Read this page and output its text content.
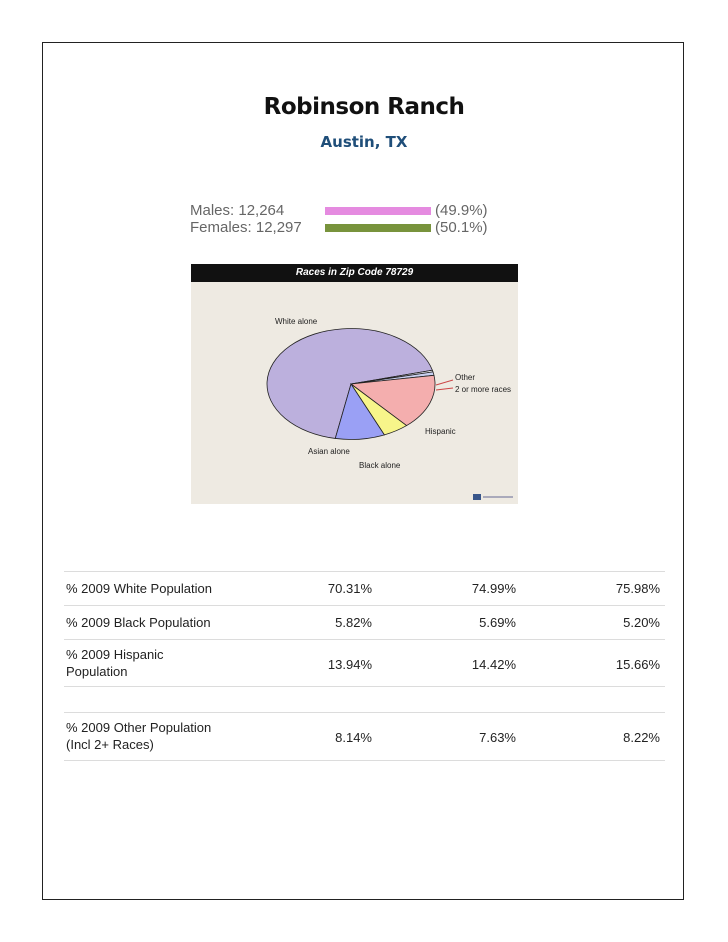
Robinson Ranch
Austin, TX
Males: 12,264	(49.9%)
Females: 12,297	(50.1%)
Races in Zip Code 78729
White alone
Other
2 or more races
Hispanic
Asian alone
Black alone
% 2009 White Population	70.31%	74.99%	75.98%
% 2009 Black Population	5.82%	5.69%	5.20%
% 2009 Hispanic
Population	13.94%	14.42%	15.66%
% 2009 Other Population
(Incl 2+ Races)	8.14%	7.63%	8.22%
